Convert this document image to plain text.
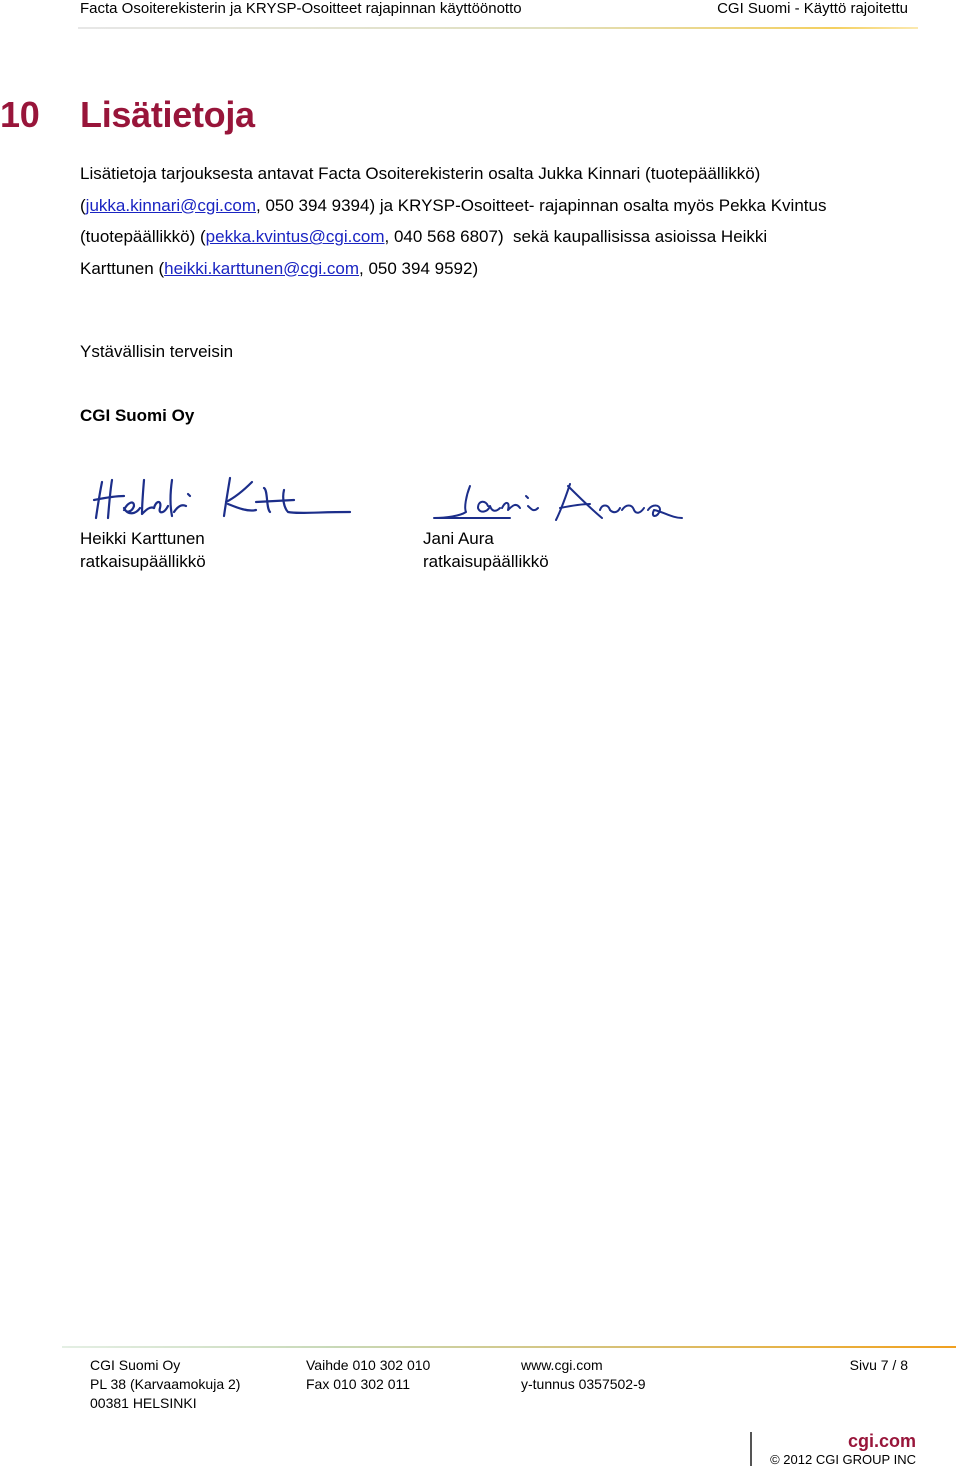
Facta Osoiterekisterin ja KRYSP-Osoitteet rajapinnan käyttöönotto	CGI Suomi - Käyttö rajoitettu
10	Lisätietoja
Lisätietoja tarjouksesta antavat Facta Osoiterekisterin osalta Jukka Kinnari (tuotepäällikkö)
(jukka.kinnari@cgi.com, 050 394 9394) ja KRYSP-Osoitteet- rajapinnan osalta myös Pekka Kvintus
(tuotepäällikkö) (pekka.kvintus@cgi.com, 040 568 6807)  sekä kaupallisissa asioissa Heikki
Karttunen (heikki.karttunen@cgi.com, 050 394 9592)
Ystävällisin terveisin
CGI Suomi Oy
Heikki Karttunen
ratkaisupäällikkö
Jani Aura
ratkaisupäällikkö
CGI Suomi Oy
PL 38 (Karvaamokuja 2)
00381 HELSINKI
Vaihde 010 302 010
Fax 010 302 011
www.cgi.com
y-tunnus 0357502-9
Sivu 7 / 8
cgi.com
© 2012 CGI GROUP INC
